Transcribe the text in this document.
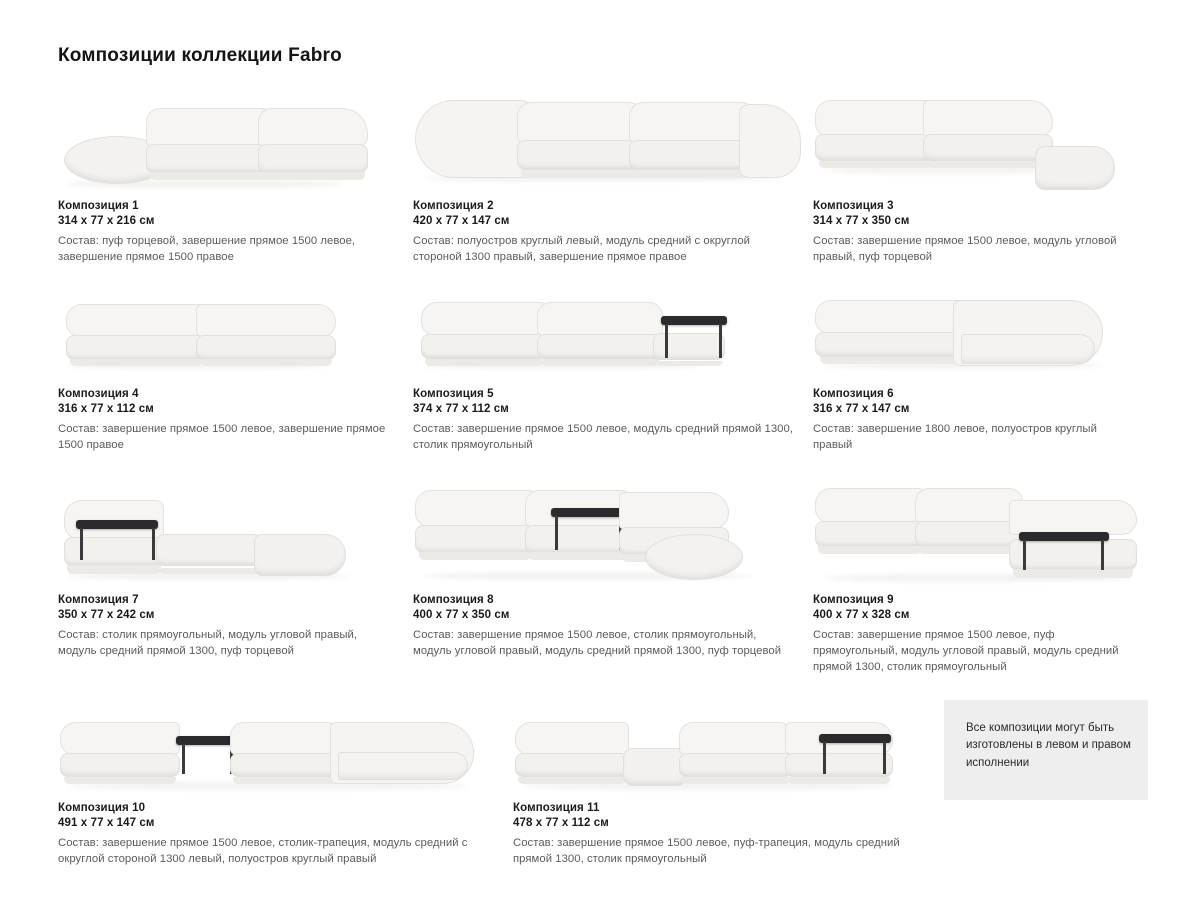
Композиции коллекции Fabro
Композиция 1
314 х 77 х 216 см
Состав: пуф торцевой, завершение прямое 1500 левое, завершение прямое 1500 правое
Композиция 2
420 х 77 х 147 см
Состав: полуостров круглый левый, модуль средний с округлой стороной 1300 правый, завершение прямое правое
Композиция 3
314 х 77 х 350 см
Состав: завершение прямое 1500 левое, модуль угловой правый, пуф торцевой
Композиция 4
316 х 77 х 112 см
Состав: завершение прямое 1500 левое, завершение прямое 1500 правое
Композиция 5
374 х 77 х 112 см
Состав: завершение прямое 1500 левое, модуль средний прямой 1300, столик прямоугольный
Композиция 6
316 х 77 х 147 см
Состав: завершение 1800 левое, полуостров круглый правый
Композиция 7
350 х 77 х 242 см
Состав: столик прямоугольный, модуль угловой правый, модуль средний прямой 1300, пуф торцевой
Композиция 8
400 х 77 х 350 см
Состав: завершение прямое 1500 левое, столик прямоугольный, модуль угловой правый, модуль средний прямой 1300, пуф торцевой
Композиция 9
400 х 77 х 328 см
Состав: завершение прямое 1500 левое, пуф прямоугольный, модуль угловой правый, модуль средний прямой 1300, столик прямоугольный
Композиция 10
491 х 77 х 147 см
Состав: завершение прямое 1500 левое, столик-трапеция, модуль средний с округлой стороной 1300 левый, полуостров круглый правый
Композиция 11
478 х 77 х 112 см
Состав: завершение прямое 1500 левое, пуф-трапеция, модуль средний прямой 1300, столик прямоугольный
Все композиции могут быть изготовлены в левом и правом исполнении
